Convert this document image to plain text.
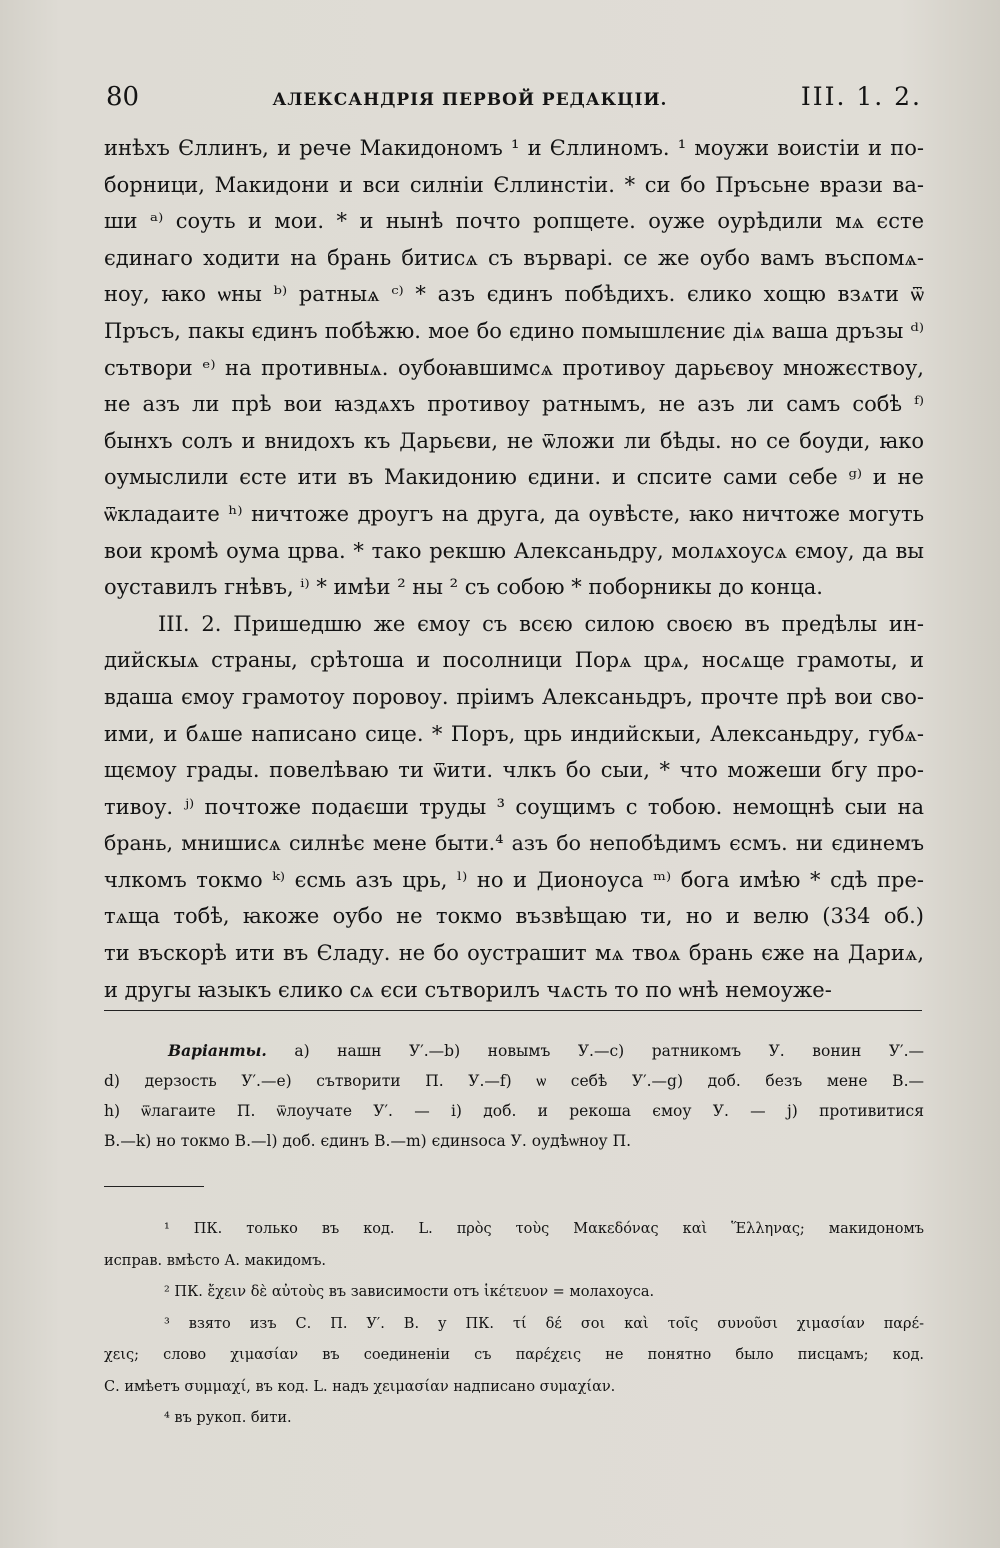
80	АЛЕКСАНДРІЯ ПЕРВОЙ РЕДАКЦІИ.	III. 1. 2.
инѣхъ Єллинъ, и рече Макидономъ ¹ и Єллиномъ. ¹ моужи воистіи и по-
борници, Макидони и вси силніи Єллинстіи. * си бо Пръсьне врази ва-
ши ᵃ⁾ соуть и мои. * и нынѣ почто ропщете. оуже оурѣдили мѧ єсте
єдинаго ходити на брань битисѧ съ върварі. се же оубо вамъ въспомѧ-
ноу, ꙗко ѡны ᵇ⁾ ратныѧ ᶜ⁾ * азъ єдинъ побѣдихъ. єлико хощю взѧти ѿ
Пръсъ, пакы єдинъ побѣжю. мое бо єдино помышлєниє діѧ ваша дръзы ᵈ⁾
сътвори ᵉ⁾ на противныѧ. оубоꙗвшимсѧ противоу дарьєвоу множєствоу,
не азъ ли прѣ вои ꙗздѧхъ противоу ратнымъ, не азъ ли самъ собѣ ᶠ⁾
бынхъ солъ и внидохъ къ Дарьєви, не ѿложи ли бѣды. но се боуди, ꙗко
оумыслили єсте ити въ Макидонию єдини. и спсите сами себе ᵍ⁾ и не
ѿкладаите ʰ⁾ ничтоже дроугъ на друга, да оувѣсте, ꙗко ничтоже могуть
вои кромѣ оума црва. * тако рекшю Алексаньдру, молѧхоусѧ ємоу, да вы
оуставилъ гнѣвъ, ⁱ⁾ * имѣи ² ны ² съ собою * поборникы до конца.
III. 2. Пришедшю же ємоу съ всєю силою своєю въ предѣлы ин-
дийскыѧ страны, срѣтоша и посолници Порѧ црѧ, носѧще грамоты, и
вдаша ємоу грамотоу поровоу. пріимъ Алексаньдръ, прочте прѣ вои сво-
ими, и бѧше написано сице. * Поръ, црь индийскыи, Алексаньдру, губѧ-
щємоу грады. повелѣваю ти ѿити. члкъ бо сыи, * что можеши бгу про-
тивоу. ʲ⁾ почтоже подаєши труды ³ соущимъ с тобою. немощнѣ сыи на
брань, мнишисѧ силнѣє мене быти.⁴ азъ бо непобѣдимъ єсмъ. ни єдинемъ
члкомъ токмо ᵏ⁾ єсмь азъ црь, ˡ⁾ но и Дионоуса ᵐ⁾ бога имѣю * сдѣ пре-
тѧща тобѣ, ꙗкоже оубо не токмо възвѣщаю ти, но и велю (334 об.)
ти въскорѣ ити въ Єладу. не бо оустрашит мѧ твоѧ брань єже на Дариѧ,
и другы ꙗзыкъ єлико сѧ єси сътворилъ чѧсть то по ѡнѣ немоуже-
Варіанты. а) нашн У′.—b) новымъ У.—c) ратникомъ У. вонин У′.—
d) дерзость У′.—e) сътворити П. У.—f) ѡ себѣ У′.—g) доб. безъ мене В.—
h) ѿлагаите П. ѿлоучате У′. — i) доб. и рекоша ємоу У. — j) противитися
В.—k) но токмо В.—l) доб. єдинъ В.—m) єдинsocа У. оудѣѡноу П.
¹ ПК. только въ код. L. πρὸς τοὺς Μακεδόνας καὶ Ἕλληνας; макидономъ
исправ. вмѣсто А. макидомъ.
² ПК. ἔχειν δὲ αὐτοὺς въ зависимости отъ ἱκέτευον = молахоуса.
³ взято изъ С. П. У′. В. у ПК. τί δέ σοι καὶ τοῖς συνοῦσι χιμασίαν παρέ-
χεις; слово χιμασίαν въ соединеніи съ παρέχεις не понятно было писцамъ; код.
С. имѣетъ συμμαχί, въ код. L. надъ χειμασίαν надписано συμαχίαν.
⁴ въ рукоп. бити.
